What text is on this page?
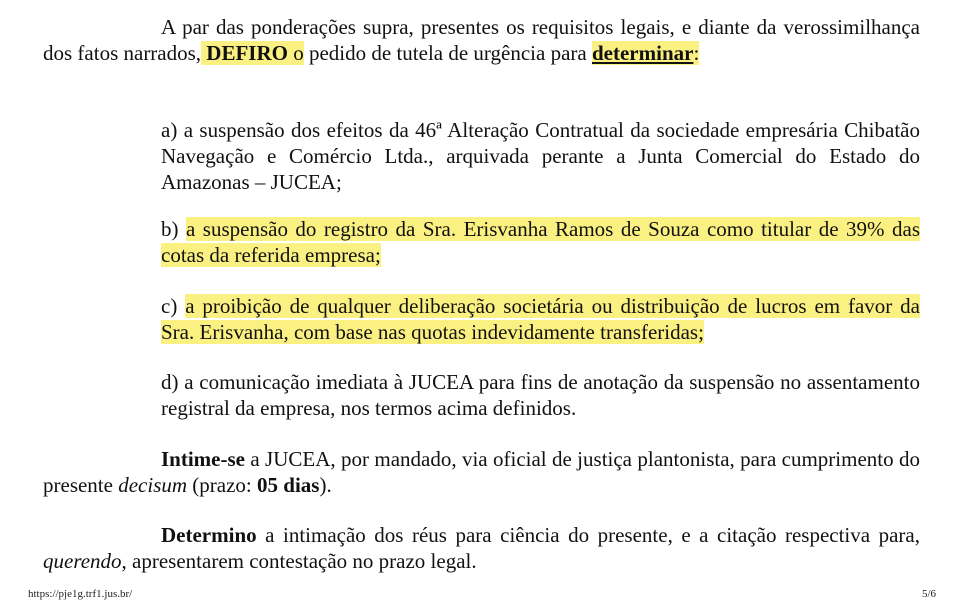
A par das ponderações supra, presentes os requisitos legais, e diante da verossimilhança dos fatos narrados, DEFIRO o pedido de tutela de urgência para determinar:

a) a suspensão dos efeitos da 46ª Alteração Contratual da sociedade empresária Chibatão Navegação e Comércio Ltda., arquivada perante a Junta Comercial do Estado do Amazonas – JUCEA;

b) a suspensão do registro da Sra. Erisvanha Ramos de Souza como titular de 39% das cotas da referida empresa;

c) a proibição de qualquer deliberação societária ou distribuição de lucros em favor da Sra. Erisvanha, com base nas quotas indevidamente transferidas;

d) a comunicação imediata à JUCEA para fins de anotação da suspensão no assentamento registral da empresa, nos termos acima definidos.

Intime-se a JUCEA, por mandado, via oficial de justiça plantonista, para cumprimento do presente decisum (prazo: 05 dias).

Determino a intimação dos réus para ciência do presente, e a citação respectiva para, querendo, apresentarem contestação no prazo legal.

https://pje1g.trf1.jus.br/	5/6
